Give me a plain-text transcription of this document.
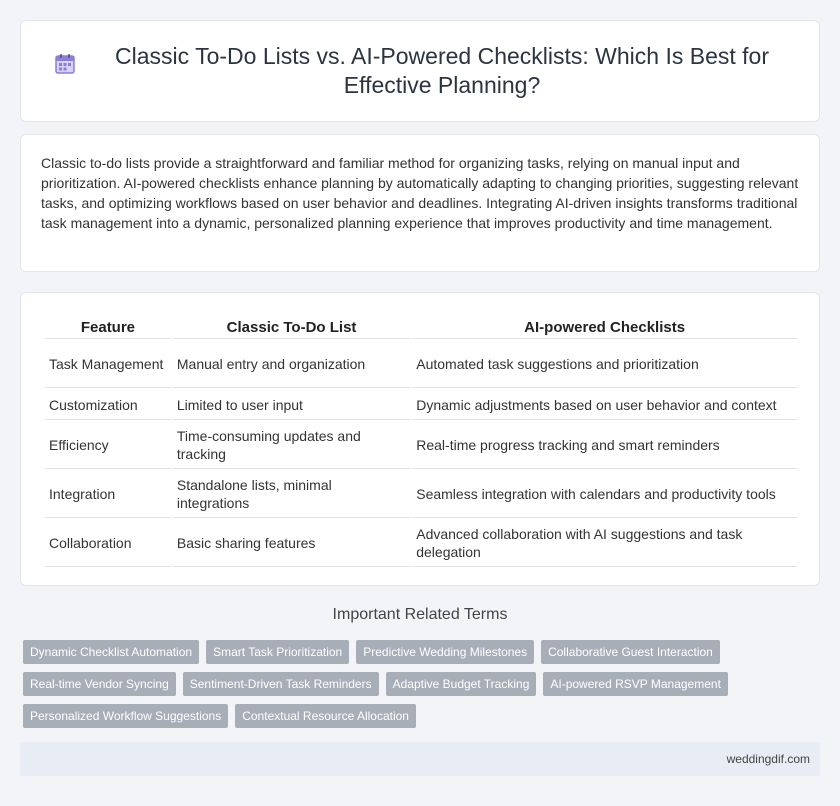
Classic To-Do Lists vs. AI-Powered Checklists: Which Is Best for Effective Planning?

Classic to-do lists provide a straightforward and familiar method for organizing tasks, relying on manual input and prioritization. AI-powered checklists enhance planning by automatically adapting to changing priorities, suggesting relevant tasks, and optimizing workflows based on user behavior and deadlines. Integrating AI-driven insights transforms traditional task management into a dynamic, personalized planning experience that improves productivity and time management.

Feature	Classic To-Do List	AI-powered Checklists
Task Management	Manual entry and organization	Automated task suggestions and prioritization
Customization	Limited to user input	Dynamic adjustments based on user behavior and context
Efficiency	Time-consuming updates and tracking	Real-time progress tracking and smart reminders
Integration	Standalone lists, minimal integrations	Seamless integration with calendars and productivity tools
Collaboration	Basic sharing features	Advanced collaboration with AI suggestions and task delegation
Important Related Terms
Dynamic Checklist Automation	Smart Task Prioritization	Predictive Wedding Milestones	Collaborative Guest Interaction
Real-time Vendor Syncing	Sentiment-Driven Task Reminders	Adaptive Budget Tracking	AI-powered RSVP Management
Personalized Workflow Suggestions	Contextual Resource Allocation
weddingdif.com
